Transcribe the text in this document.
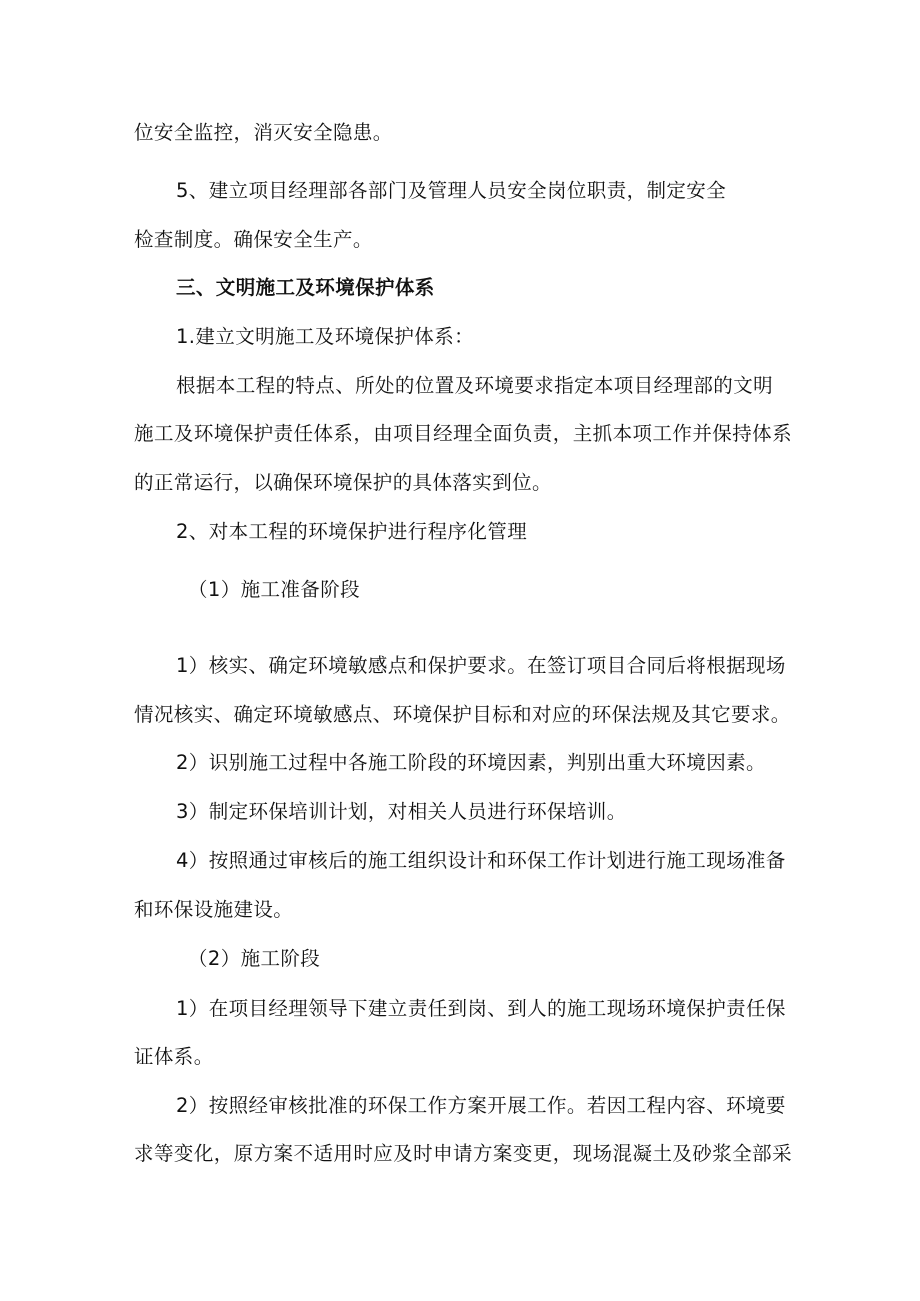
位安全监控，消灭安全隐患。
5、建立项目经理部各部门及管理人员安全岗位职责，制定安全
检查制度。确保安全生产。
三、文明施工及环境保护体系
1.建立文明施工及环境保护体系：
根据本工程的特点、所处的位置及环境要求指定本项目经理部的文明
施工及环境保护责任体系，由项目经理全面负责，主抓本项工作并保持体系
的正常运行，以确保环境保护的具体落实到位。
2、对本工程的环境保护进行程序化管理
（1）施工准备阶段
1）核实、确定环境敏感点和保护要求。在签订项目合同后将根据现场
情况核实、确定环境敏感点、环境保护目标和对应的环保法规及其它要求。
2）识别施工过程中各施工阶段的环境因素，判别出重大环境因素。
3）制定环保培训计划，对相关人员进行环保培训。
4）按照通过审核后的施工组织设计和环保工作计划进行施工现场准备
和环保设施建设。
（2）施工阶段
1）在项目经理领导下建立责任到岗、到人的施工现场环境保护责任保
证体系。
2）按照经审核批准的环保工作方案开展工作。若因工程内容、环境要
求等变化，原方案不适用时应及时申请方案变更，现场混凝土及砂浆全部采
